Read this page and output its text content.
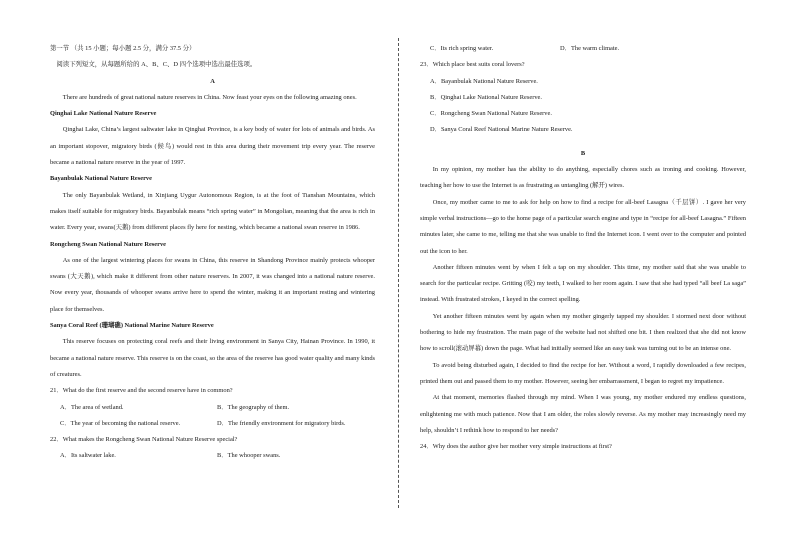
第一节 （共 15 小题；每小题 2.5 分，满分 37.5 分）

阅读下列短文，从每题所给的 A、B、C、D 四个选项中选出最佳选项。

A

There are hundreds of great national nature reserves in China. Now feast your eyes on the following amazing ones.

Qinghai Lake National Nature Reserve

Qinghai Lake, China’s largest saltwater lake in Qinghai Province, is a key body of water for lots of animals and birds. As an important stopover, migratory birds (候鸟) would rest in this area during their movement trip every year. The reserve became a national nature reserve in the year of 1997.

Bayanbulak National Nature Reserve

The only Bayanbulak Wetland, in Xinjiang Uygur Autonomous Region, is at the foot of Tianshan Mountains, which makes itself suitable for migratory birds. Bayanbulak means “rich spring water” in Mongolian, meaning that the area is rich in water. Every year, swans(天鹅) from different places fly here for nesting, which became a national swan reserve in 1986.

Rongcheng Swan National Nature Reserve

As one of the largest wintering places for swans in China, this reserve in Shandong Province mainly protects whooper swans (大天鹅), which make it different from other nature reserves. In 2007, it was changed into a national nature reserve. Now every year, thousands of whooper swans arrive here to spend the winter, making it an important resting and wintering place for themselves.

Sanya Coral Reef (珊瑚礁) National Marine Nature Reserve

This reserve focuses on protecting coral reefs and their living environment in Sanya City, Hainan Province. In 1990, it became a national nature reserve. This reserve is on the coast, so the area of the reserve has good water quality and many kinds of creatures.

21．What do the first reserve and the second reserve have in common?

A．The area of wetland.	B．The geography of them.
C．The year of becoming the national reserve.	D．The friendly environment for migratory birds.

22．What makes the Rongcheng Swan National Nature Reserve special?

A．Its saltwater lake.	B．The whooper swans.
C．Its rich spring water.	D．The warm climate.

23．Which place best suits coral lovers?

A．Bayanbulak National Nature Reserve.

B．Qinghai Lake National Nature Reserve.

C．Rongcheng Swan National Nature Reserve.

D．Sanya Coral Reef National Marine Nature Reserve.

B

In my opinion, my mother has the ability to do anything, especially chores such as ironing and cooking. However, teaching her how to use the Internet is as frustrating as untangling (解开) wires.

Once, my mother came to me to ask for help on how to find a recipe for all-beef Lasagna（千层饼）. I gave her very simple verbal instructions—go to the home page of a particular search engine and type in “recipe for all-beef Lasagna.” Fifteen minutes later, she came to me, telling me that she was unable to find the Internet icon. I went over to the computer and pointed out the icon to her.

Another fifteen minutes went by when I felt a tap on my shoulder. This time, my mother said that she was unable to search for the particular recipe. Gritting (咬) my teeth, I walked to her room again. I saw that she had typed “all beef La saga” instead. With frustrated strokes, I keyed in the correct spelling.

Yet another fifteen minutes went by again when my mother gingerly tapped my shoulder. I stormed next door without bothering to hide my frustration. The main page of the website had not shifted one bit. I then realized that she did not know how to scroll(滚动屏幕) down the page. What had initially seemed like an easy task was turning out to be an intense one.

To avoid being disturbed again, I decided to find the recipe for her. Without a word, I rapidly downloaded a few recipes, printed them out and passed them to my mother. However, seeing her embarrassment, I began to regret my impatience.

At that moment, memories flashed through my mind. When I was young, my mother endured my endless questions, enlightening me with much patience. Now that I am older, the roles slowly reverse. As my mother may increasingly need my help, shouldn’t I rethink how to respond to her needs?

24．Why does the author give her mother very simple instructions at first?
